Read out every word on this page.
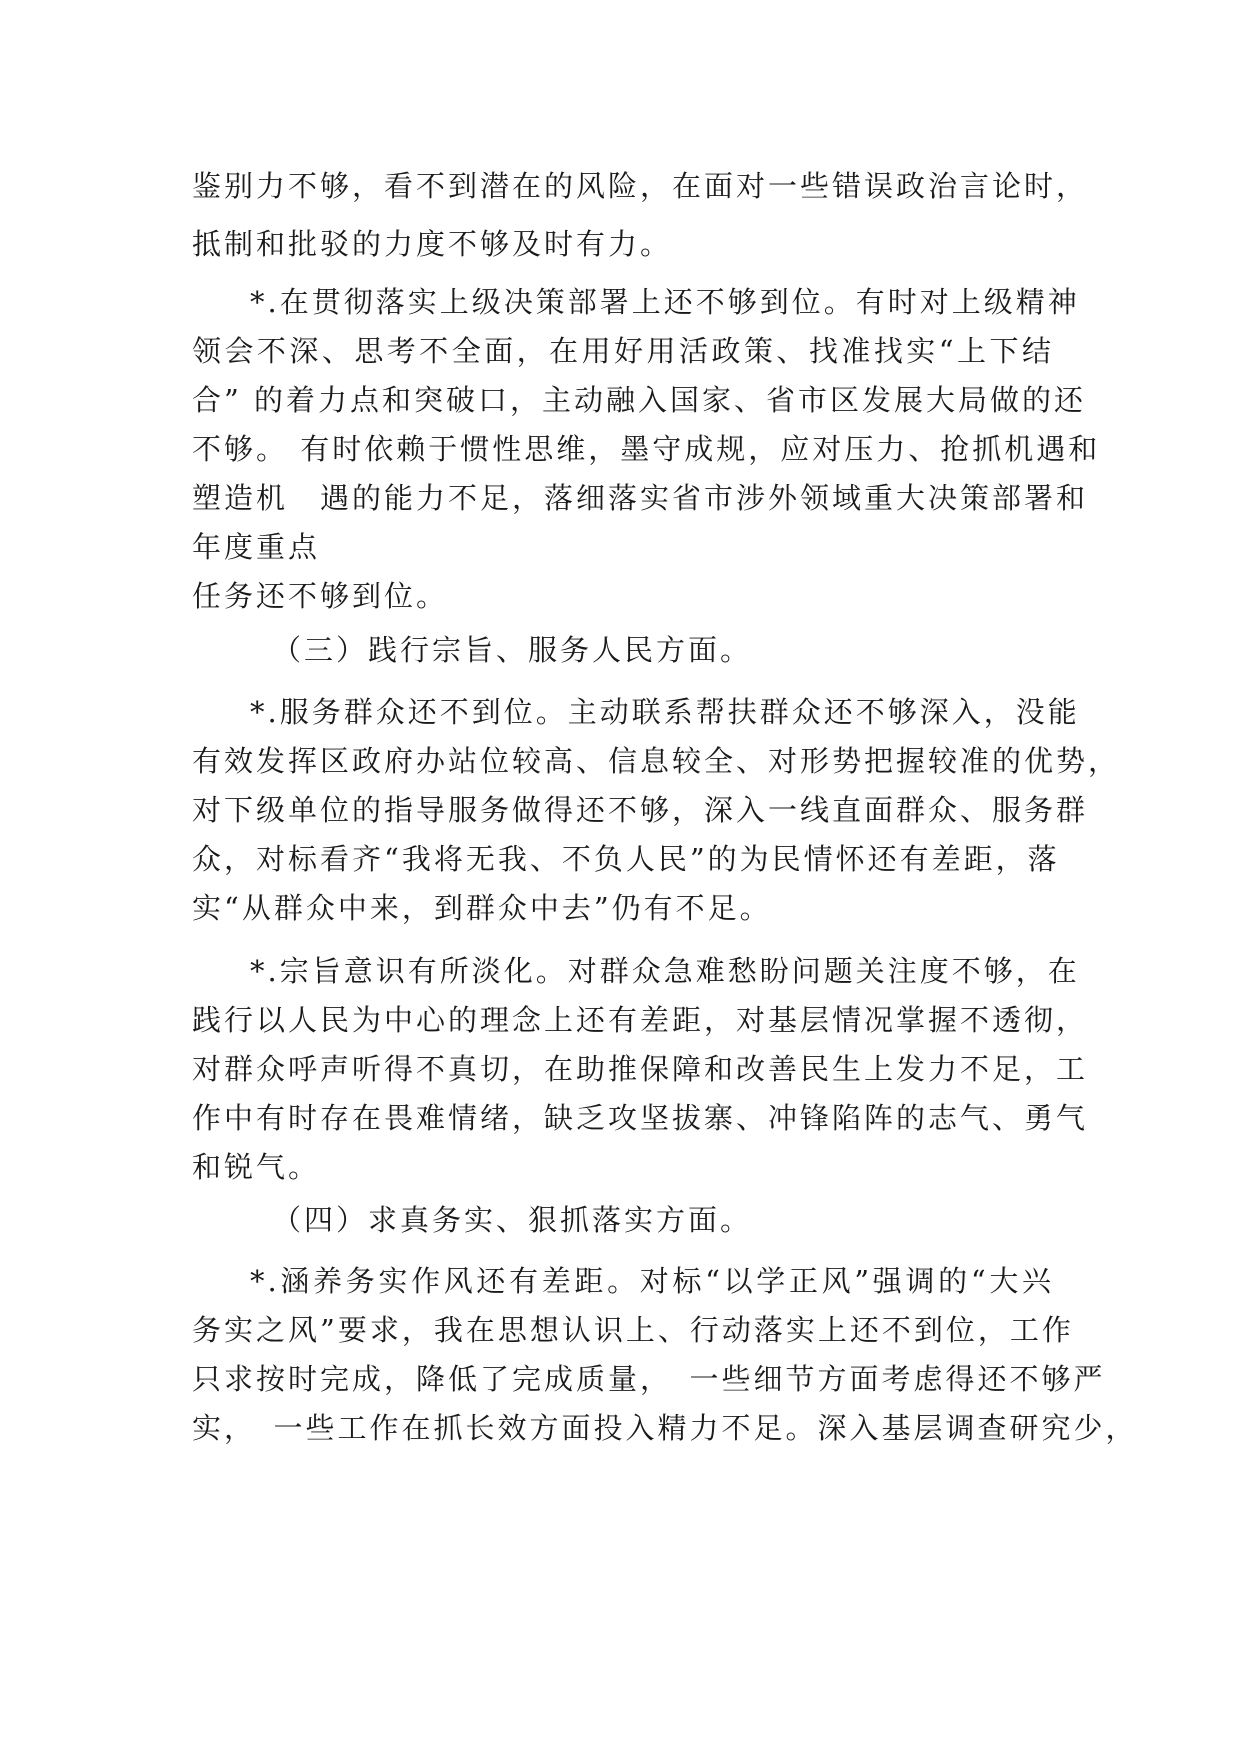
鉴别力不够，看不到潜在的风险，在面对一些错误政治言论时，
抵制和批驳的力度不够及时有力。
*.在贯彻落实上级决策部署上还不够到位。有时对上级精神
领会不深、思考不全面，在用好用活政策、找准找实“上下结
合” 的着力点和突破口，主动融入国家、省市区发展大局做的还
不够。 有时依赖于惯性思维，墨守成规，应对压力、抢抓机遇和
塑造机　遇的能力不足，落细落实省市涉外领域重大决策部署和
年度重点
任务还不够到位。
（三）践行宗旨、服务人民方面。
*.服务群众还不到位。主动联系帮扶群众还不够深入，没能
有效发挥区政府办站位较高、信息较全、对形势把握较准的优势，
对下级单位的指导服务做得还不够，深入一线直面群众、服务群
众，对标看齐“我将无我、不负人民”的为民情怀还有差距，落
实“从群众中来，到群众中去”仍有不足。
*.宗旨意识有所淡化。对群众急难愁盼问题关注度不够，在
践行以人民为中心的理念上还有差距，对基层情况掌握不透彻，
对群众呼声听得不真切，在助推保障和改善民生上发力不足，工
作中有时存在畏难情绪，缺乏攻坚拔寨、冲锋陷阵的志气、勇气
和锐气。
（四）求真务实、狠抓落实方面。
*.涵养务实作风还有差距。对标“以学正风”强调的“大兴
务实之风”要求，我在思想认识上、行动落实上还不到位，工作
只求按时完成，降低了完成质量，　一些细节方面考虑得还不够严
实，　一些工作在抓长效方面投入精力不足。深入基层调查研究少，
